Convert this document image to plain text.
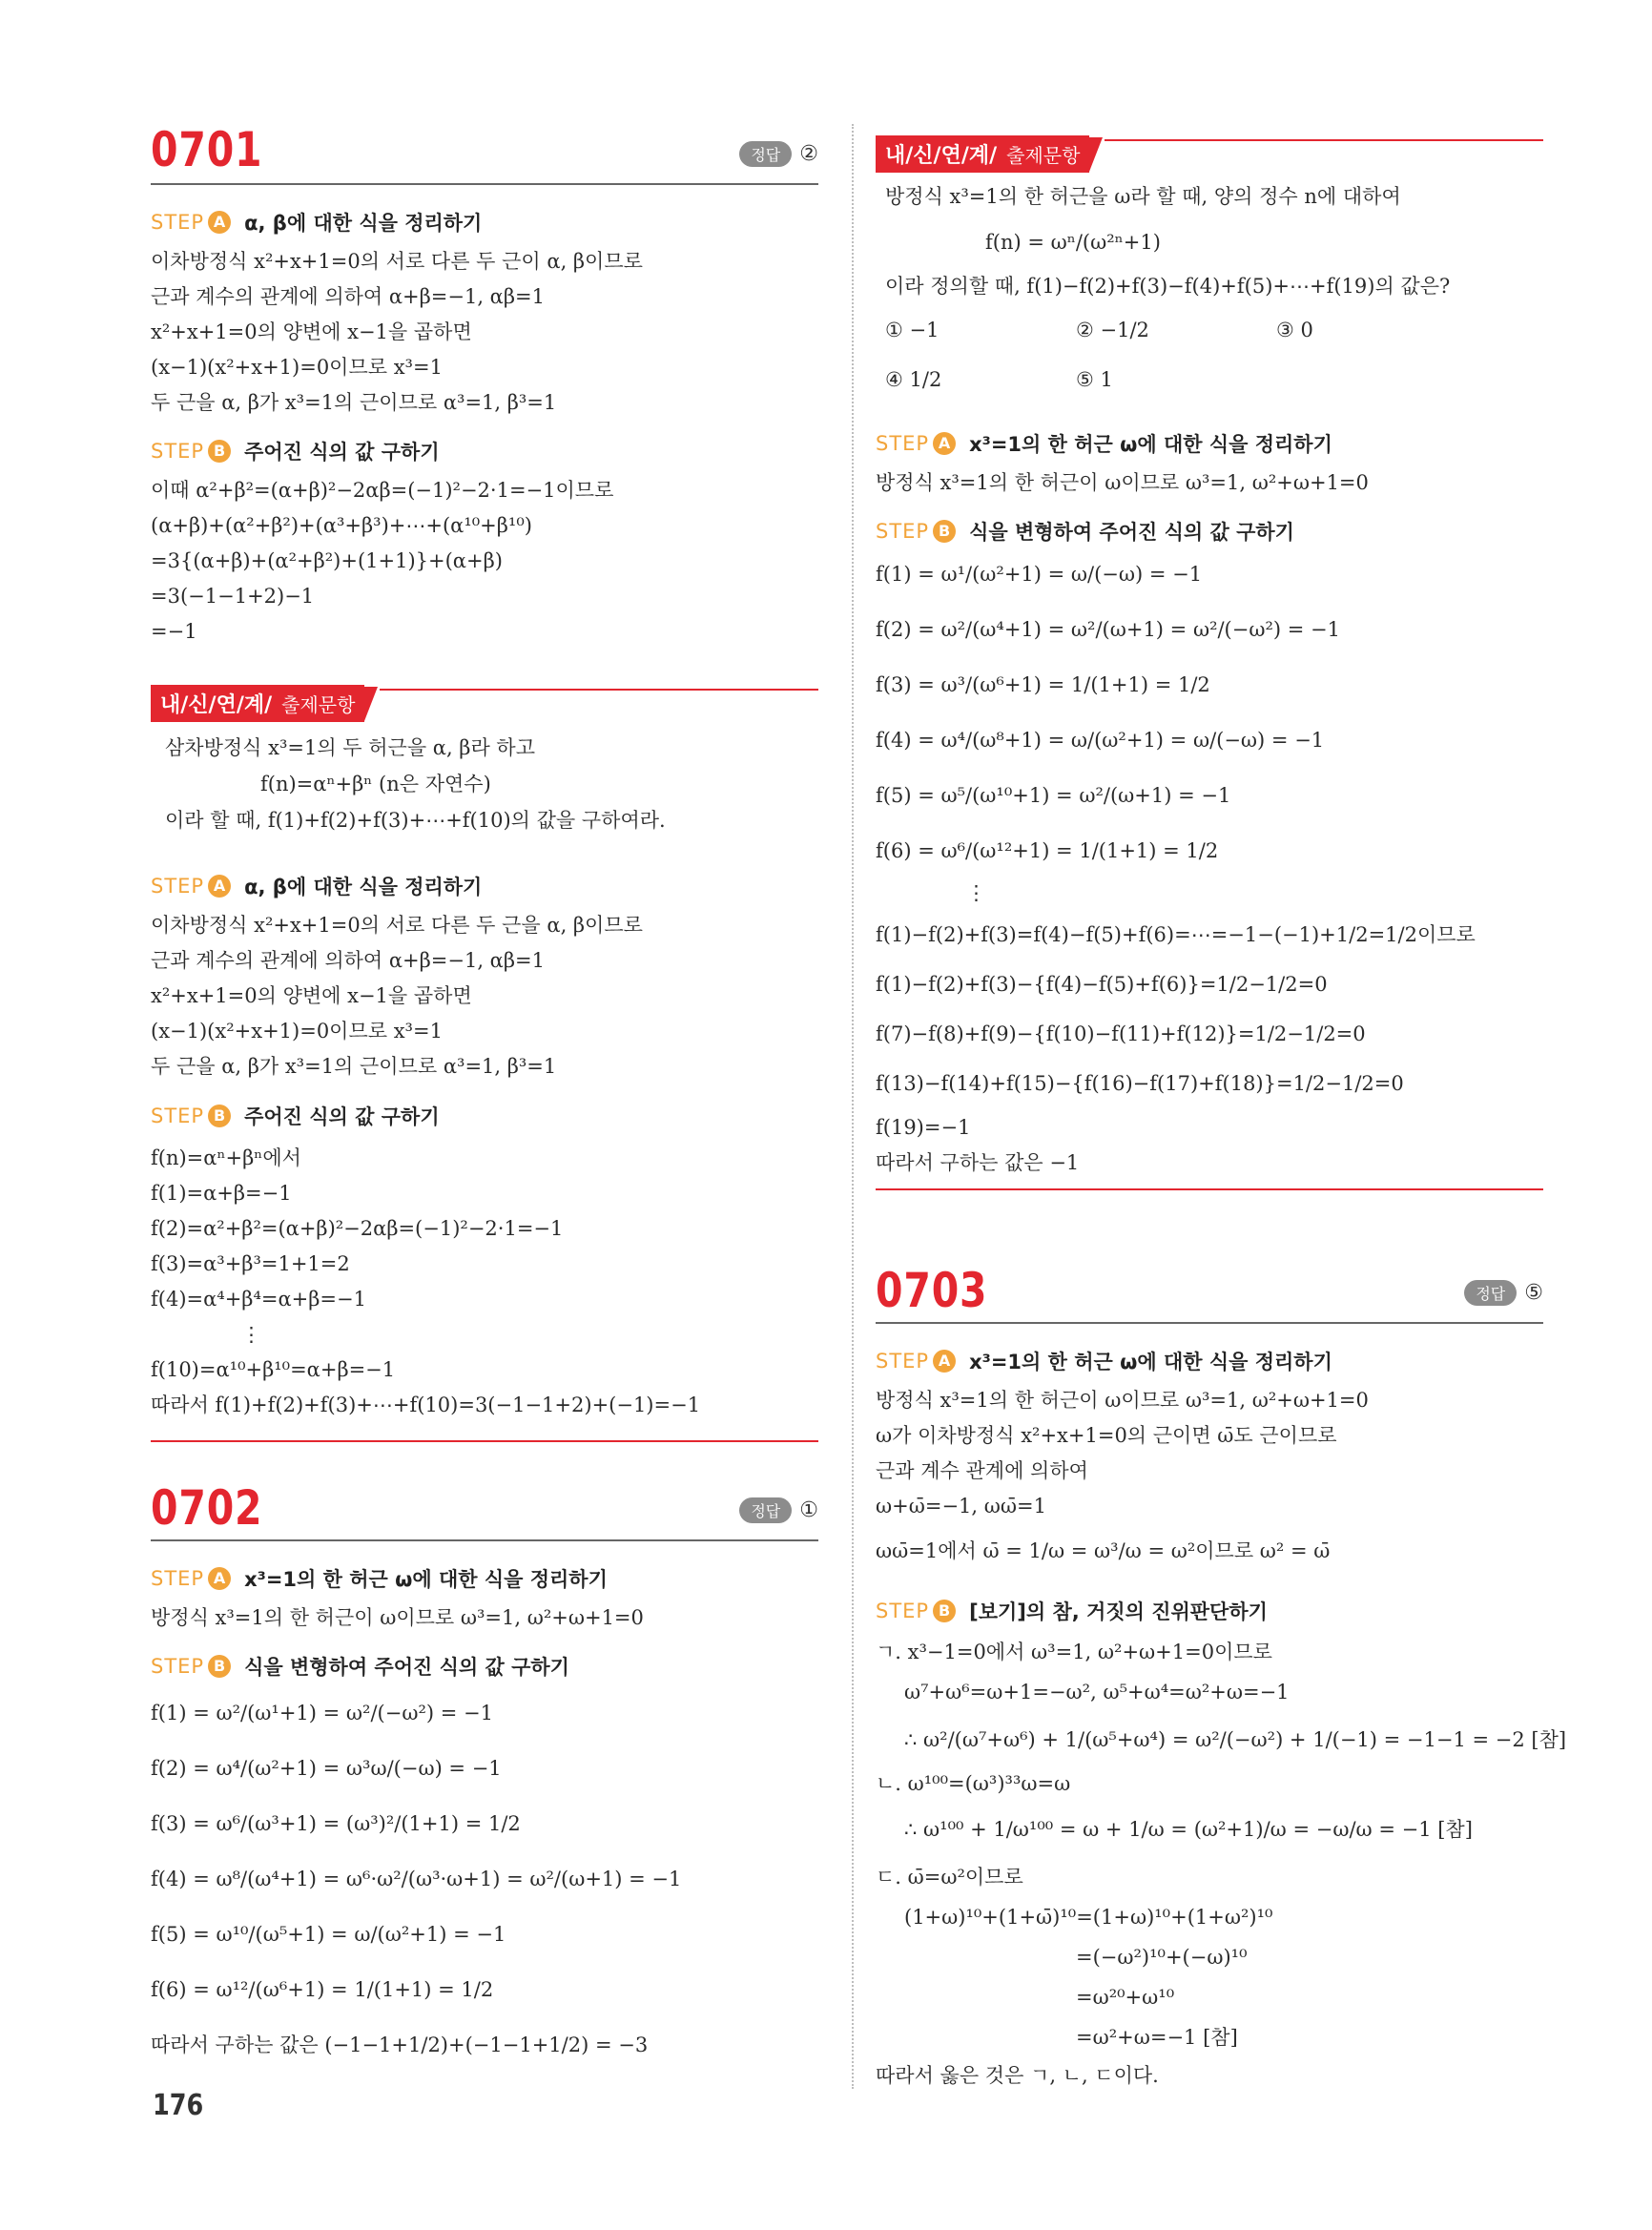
0701	정답 ②
STEP A α, β에 대한 식을 정리하기
이차방정식 x²+x+1=0의 서로 다른 두 근이 α, β이므로
근과 계수의 관계에 의하여 α+β=−1, αβ=1
x²+x+1=0의 양변에 x−1을 곱하면
(x−1)(x²+x+1)=0이므로 x³=1
두 근을 α, β가 x³=1의 근이므로 α³=1, β³=1
STEP B 주어진 식의 값 구하기
이때 α²+β²=(α+β)²−2αβ=(−1)²−2·1=−1이므로
(α+β)+(α²+β²)+(α³+β³)+⋯+(α¹⁰+β¹⁰)
=3{(α+β)+(α²+β²)+(1+1)}+(α+β)
=3(−1−1+2)−1
=−1
내/신/연/계/ 출제문항
삼차방정식 x³=1의 두 허근을 α, β라 하고
f(n)=αⁿ+βⁿ (n은 자연수)
이라 할 때, f(1)+f(2)+f(3)+⋯+f(10)의 값을 구하여라.
STEP A α, β에 대한 식을 정리하기
이차방정식 x²+x+1=0의 서로 다른 두 근을 α, β이므로
근과 계수의 관계에 의하여 α+β=−1, αβ=1
x²+x+1=0의 양변에 x−1을 곱하면
(x−1)(x²+x+1)=0이므로 x³=1
두 근을 α, β가 x³=1의 근이므로 α³=1, β³=1
STEP B 주어진 식의 값 구하기
f(n)=αⁿ+βⁿ에서
f(1)=α+β=−1
f(2)=α²+β²=(α+β)²−2αβ=(−1)²−2·1=−1
f(3)=α³+β³=1+1=2
f(4)=α⁴+β⁴=α+β=−1
⋮
f(10)=α¹⁰+β¹⁰=α+β=−1
따라서 f(1)+f(2)+f(3)+⋯+f(10)=3(−1−1+2)+(−1)=−1
0702	정답 ①
STEP A x³=1의 한 허근 ω에 대한 식을 정리하기
방정식 x³=1의 한 허근이 ω이므로 ω³=1, ω²+ω+1=0
STEP B 식을 변형하여 주어진 식의 값 구하기
f(1) = ω²/(ω¹+1) = ω²/(−ω²) = −1
f(2) = ω⁴/(ω²+1) = ω³ω/(−ω) = −1
f(3) = ω⁶/(ω³+1) = (ω³)²/(1+1) = 1/2
f(4) = ω⁸/(ω⁴+1) = ω⁶·ω²/(ω³·ω+1) = ω²/(ω+1) = −1
f(5) = ω¹⁰/(ω⁵+1) = ω/(ω²+1) = −1
f(6) = ω¹²/(ω⁶+1) = 1/(1+1) = 1/2
따라서 구하는 값은 (−1−1+1/2)+(−1−1+1/2) = −3
내/신/연/계/ 출제문항
방정식 x³=1의 한 허근을 ω라 할 때, 양의 정수 n에 대하여
f(n) = ωⁿ/(ω²ⁿ+1)
이라 정의할 때, f(1)−f(2)+f(3)−f(4)+f(5)+⋯+f(19)의 값은?
① −1	② −1/2	③ 0
④ 1/2	⑤ 1
STEP A x³=1의 한 허근 ω에 대한 식을 정리하기
방정식 x³=1의 한 허근이 ω이므로 ω³=1, ω²+ω+1=0
STEP B 식을 변형하여 주어진 식의 값 구하기
f(1) = ω¹/(ω²+1) = ω/(−ω) = −1
f(2) = ω²/(ω⁴+1) = ω²/(ω+1) = ω²/(−ω²) = −1
f(3) = ω³/(ω⁶+1) = 1/(1+1) = 1/2
f(4) = ω⁴/(ω⁸+1) = ω/(ω²+1) = ω/(−ω) = −1
f(5) = ω⁵/(ω¹⁰+1) = ω²/(ω+1) = −1
f(6) = ω⁶/(ω¹²+1) = 1/(1+1) = 1/2
⋮
f(1)−f(2)+f(3)=f(4)−f(5)+f(6)=⋯=−1−(−1)+1/2=1/2이므로
f(1)−f(2)+f(3)−{f(4)−f(5)+f(6)}=1/2−1/2=0
f(7)−f(8)+f(9)−{f(10)−f(11)+f(12)}=1/2−1/2=0
f(13)−f(14)+f(15)−{f(16)−f(17)+f(18)}=1/2−1/2=0
f(19)=−1
따라서 구하는 값은 −1
0703	정답 ⑤
STEP A x³=1의 한 허근 ω에 대한 식을 정리하기
방정식 x³=1의 한 허근이 ω이므로 ω³=1, ω²+ω+1=0
ω가 이차방정식 x²+x+1=0의 근이면 ω̄도 근이므로
근과 계수 관계에 의하여
ω+ω̄=−1, ωω̄=1
ωω̄=1에서 ω̄ = 1/ω = ω³/ω = ω²이므로 ω² = ω̄
STEP B [보기]의 참, 거짓의 진위판단하기
ㄱ. x³−1=0에서 ω³=1, ω²+ω+1=0이므로
ω⁷+ω⁶=ω+1=−ω², ω⁵+ω⁴=ω²+ω=−1
∴ ω²/(ω⁷+ω⁶) + 1/(ω⁵+ω⁴) = ω²/(−ω²) + 1/(−1) = −1−1 = −2 [참]
ㄴ. ω¹⁰⁰=(ω³)³³ω=ω
∴ ω¹⁰⁰ + 1/ω¹⁰⁰ = ω + 1/ω = (ω²+1)/ω = −ω/ω = −1 [참]
ㄷ. ω̄=ω²이므로
(1+ω)¹⁰+(1+ω̄)¹⁰=(1+ω)¹⁰+(1+ω²)¹⁰
=(−ω²)¹⁰+(−ω)¹⁰
=ω²⁰+ω¹⁰
=ω²+ω=−1 [참]
따라서 옳은 것은 ㄱ, ㄴ, ㄷ이다.
176
